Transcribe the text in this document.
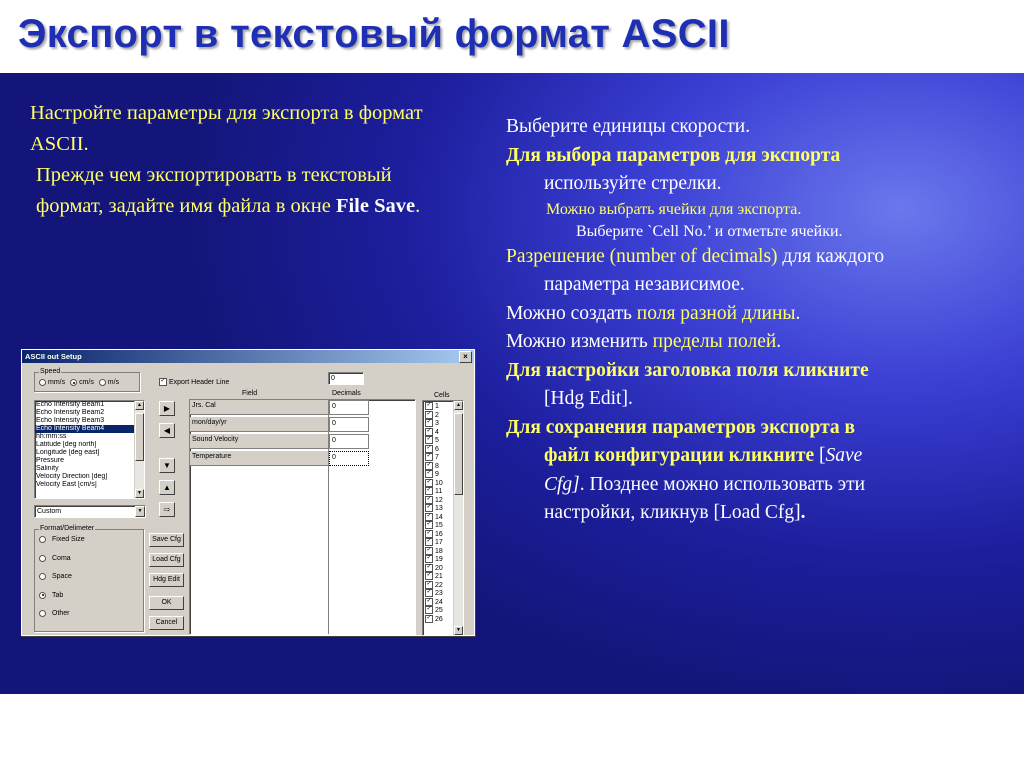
Экспорт в текстовый формат ASCII
Настройте параметры для экспорта в формат ASCII.
Прежде чем экспортировать в текстовый формат, задайте имя файла в окне File Save.

Выберите единицы скорости.

Для выбора параметров для экспорта

используйте стрелки.

Можно выбрать ячейки для экспорта.

Выберите `Cell No.’ и отметьте ячейки.

Разрешение (number of decimals) для каждого

параметра независимое.

Можно создать поля разной длины.

Можно изменить пределы полей.

Для настройки заголовка поля кликните

[Hdg Edit].

Для сохранения параметров экспорта в

файл конфигурации кликните [Save

Cfg]. Позднее можно использовать эти

настройки, кликнув [Load Cfg].

ASCII out Setup	×
Speed
mm/s cm/s m/s	✓ Export Header Line
0
Field	Decimals	Cells
Echo Intensity Beam1
Echo Intensity Beam2
Echo Intensity Beam3
Echo Intensity Beam4
hh:mm:ss
Latitude [deg north]
Longitude [deg east]
Pressure
Salinity
Velocity Direction [deg]
Velocity East [cm/s]
▲
▼
Custom	▼
▶
◀
▼
▲
⇨
Jrs. Cal	0
mon/day/yr	0
Sound Velocity	0
Temperature	0
✓ 1
✓ 2
✓ 3
✓ 4
✓ 5
✓ 6
✓ 7
✓ 8
✓ 9
✓ 10
✓ 11
✓ 12
✓ 13
✓ 14
✓ 15
✓ 16
✓ 17
✓ 18
✓ 19
✓ 20
✓ 21
✓ 22
✓ 23
✓ 24
✓ 25
✓ 26
▲
▼
Format/Delimeter
Fixed Size
Coma
Space
Tab
Other
Save Cfg
Load Cfg
Hdg Edit
OK
Cancel
